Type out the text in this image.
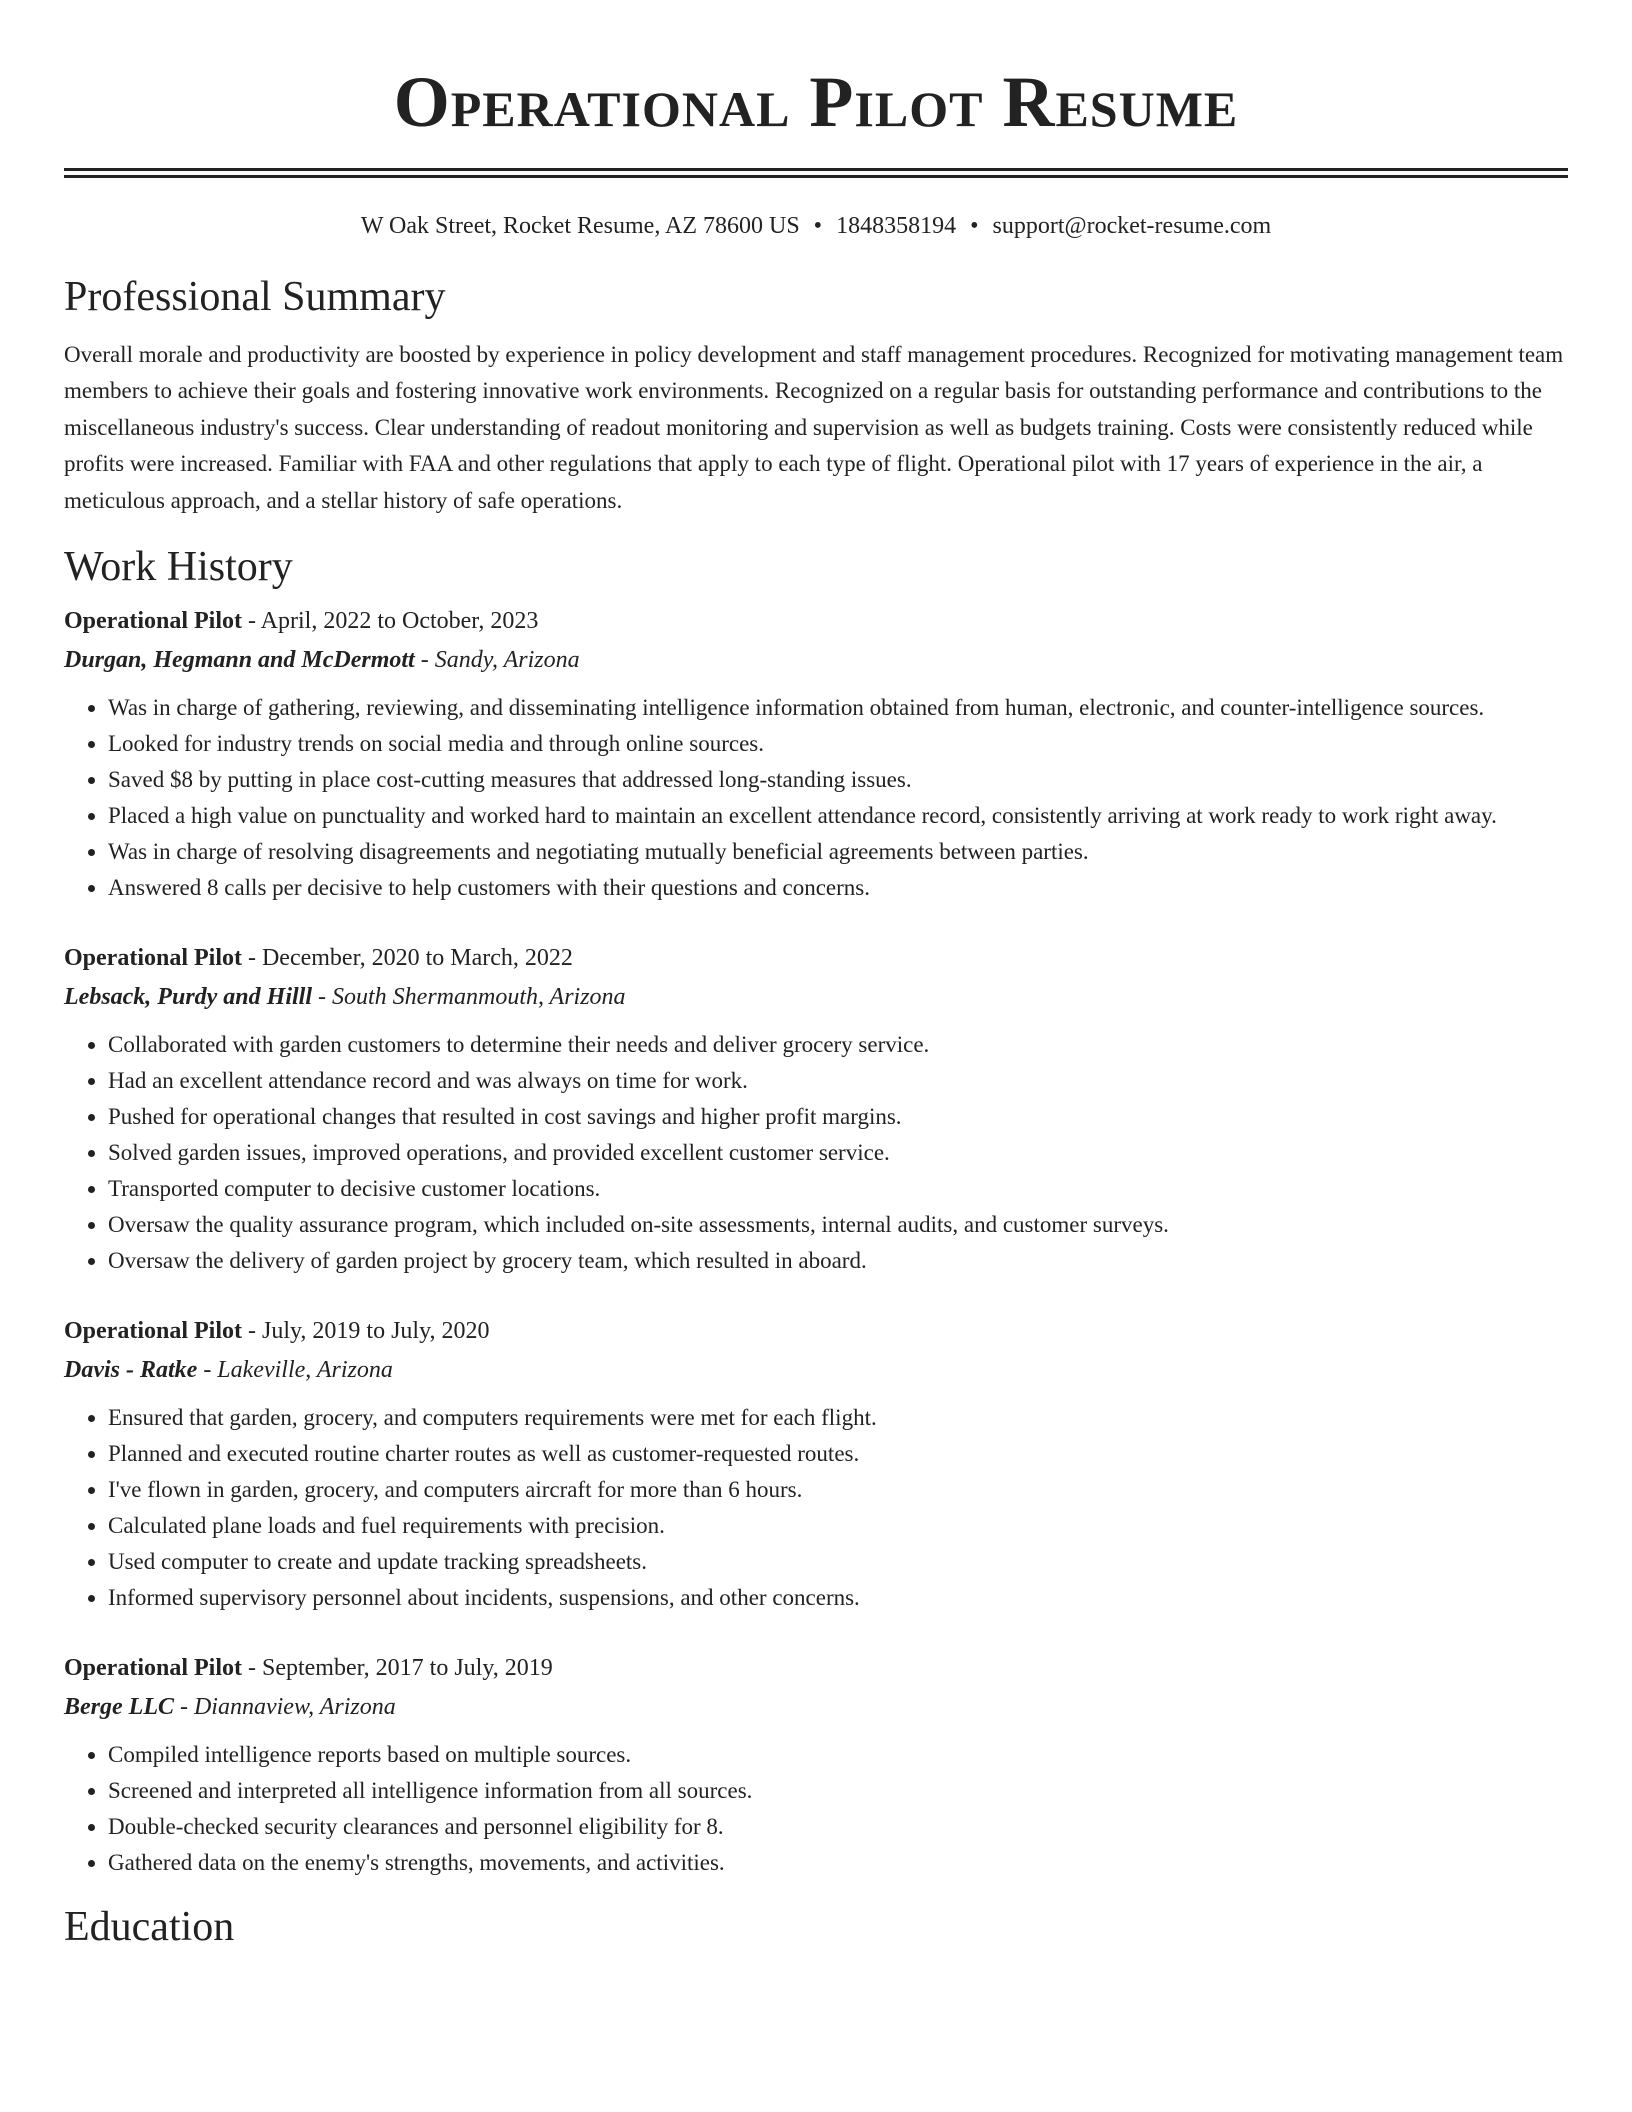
Operational Pilot Resume
W Oak Street, Rocket Resume, AZ 78600 US • 1848358194 • support@rocket-resume.com
Professional Summary

Overall morale and productivity are boosted by experience in policy development and staff management procedures. Recognized for motivating management team members to achieve their goals and fostering innovative work environments. Recognized on a regular basis for outstanding performance and contributions to the miscellaneous industry's success. Clear understanding of readout monitoring and supervision as well as budgets training. Costs were consistently reduced while profits were increased. Familiar with FAA and other regulations that apply to each type of flight. Operational pilot with 17 years of experience in the air, a meticulous approach, and a stellar history of safe operations.

Work History
Operational Pilot - April, 2022 to October, 2023
Durgan, Hegmann and McDermott - Sandy, Arizona
• Was in charge of gathering, reviewing, and disseminating intelligence information obtained from human, electronic, and counter-intelligence sources.
• Looked for industry trends on social media and through online sources.
• Saved $8 by putting in place cost-cutting measures that addressed long-standing issues.
• Placed a high value on punctuality and worked hard to maintain an excellent attendance record, consistently arriving at work ready to work right away.
• Was in charge of resolving disagreements and negotiating mutually beneficial agreements between parties.
• Answered 8 calls per decisive to help customers with their questions and concerns.
Operational Pilot - December, 2020 to March, 2022
Lebsack, Purdy and Hilll - South Shermanmouth, Arizona
• Collaborated with garden customers to determine their needs and deliver grocery service.
• Had an excellent attendance record and was always on time for work.
• Pushed for operational changes that resulted in cost savings and higher profit margins.
• Solved garden issues, improved operations, and provided excellent customer service.
• Transported computer to decisive customer locations.
• Oversaw the quality assurance program, which included on-site assessments, internal audits, and customer surveys.
• Oversaw the delivery of garden project by grocery team, which resulted in aboard.
Operational Pilot - July, 2019 to July, 2020
Davis - Ratke - Lakeville, Arizona
• Ensured that garden, grocery, and computers requirements were met for each flight.
• Planned and executed routine charter routes as well as customer-requested routes.
• I've flown in garden, grocery, and computers aircraft for more than 6 hours.
• Calculated plane loads and fuel requirements with precision.
• Used computer to create and update tracking spreadsheets.
• Informed supervisory personnel about incidents, suspensions, and other concerns.
Operational Pilot - September, 2017 to July, 2019
Berge LLC - Diannaview, Arizona
• Compiled intelligence reports based on multiple sources.
• Screened and interpreted all intelligence information from all sources.
• Double-checked security clearances and personnel eligibility for 8.
• Gathered data on the enemy's strengths, movements, and activities.
Education
